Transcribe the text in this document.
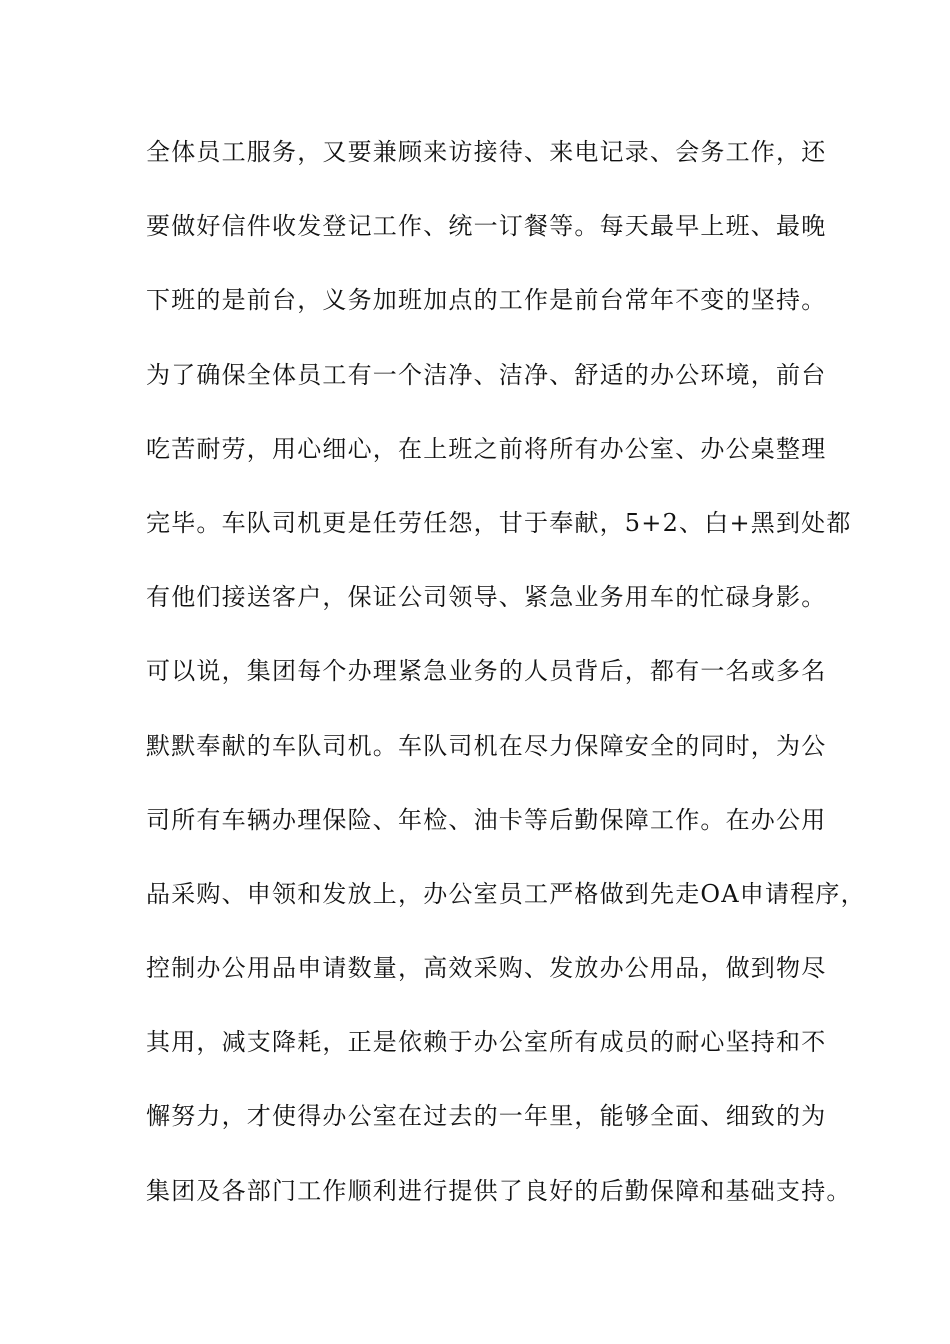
全体员工服务，又要兼顾来访接待、来电记录、会务工作，还
要做好信件收发登记工作、统一订餐等。每天最早上班、最晚
下班的是前台，义务加班加点的工作是前台常年不变的坚持。
为了确保全体员工有一个洁净、洁净、舒适的办公环境，前台
吃苦耐劳，用心细心，在上班之前将所有办公室、办公桌整理
完毕。车队司机更是任劳任怨，甘于奉献，5+2、白+黑到处都
有他们接送客户，保证公司领导、紧急业务用车的忙碌身影。
可以说，集团每个办理紧急业务的人员背后，都有一名或多名
默默奉献的车队司机。车队司机在尽力保障安全的同时，为公
司所有车辆办理保险、年检、油卡等后勤保障工作。在办公用
品采购、申领和发放上，办公室员工严格做到先走OA申请程序，
控制办公用品申请数量，高效采购、发放办公用品，做到物尽
其用，减支降耗，正是依赖于办公室所有成员的耐心坚持和不
懈努力，才使得办公室在过去的一年里，能够全面、细致的为
集团及各部门工作顺利进行提供了良好的后勤保障和基础支持。
